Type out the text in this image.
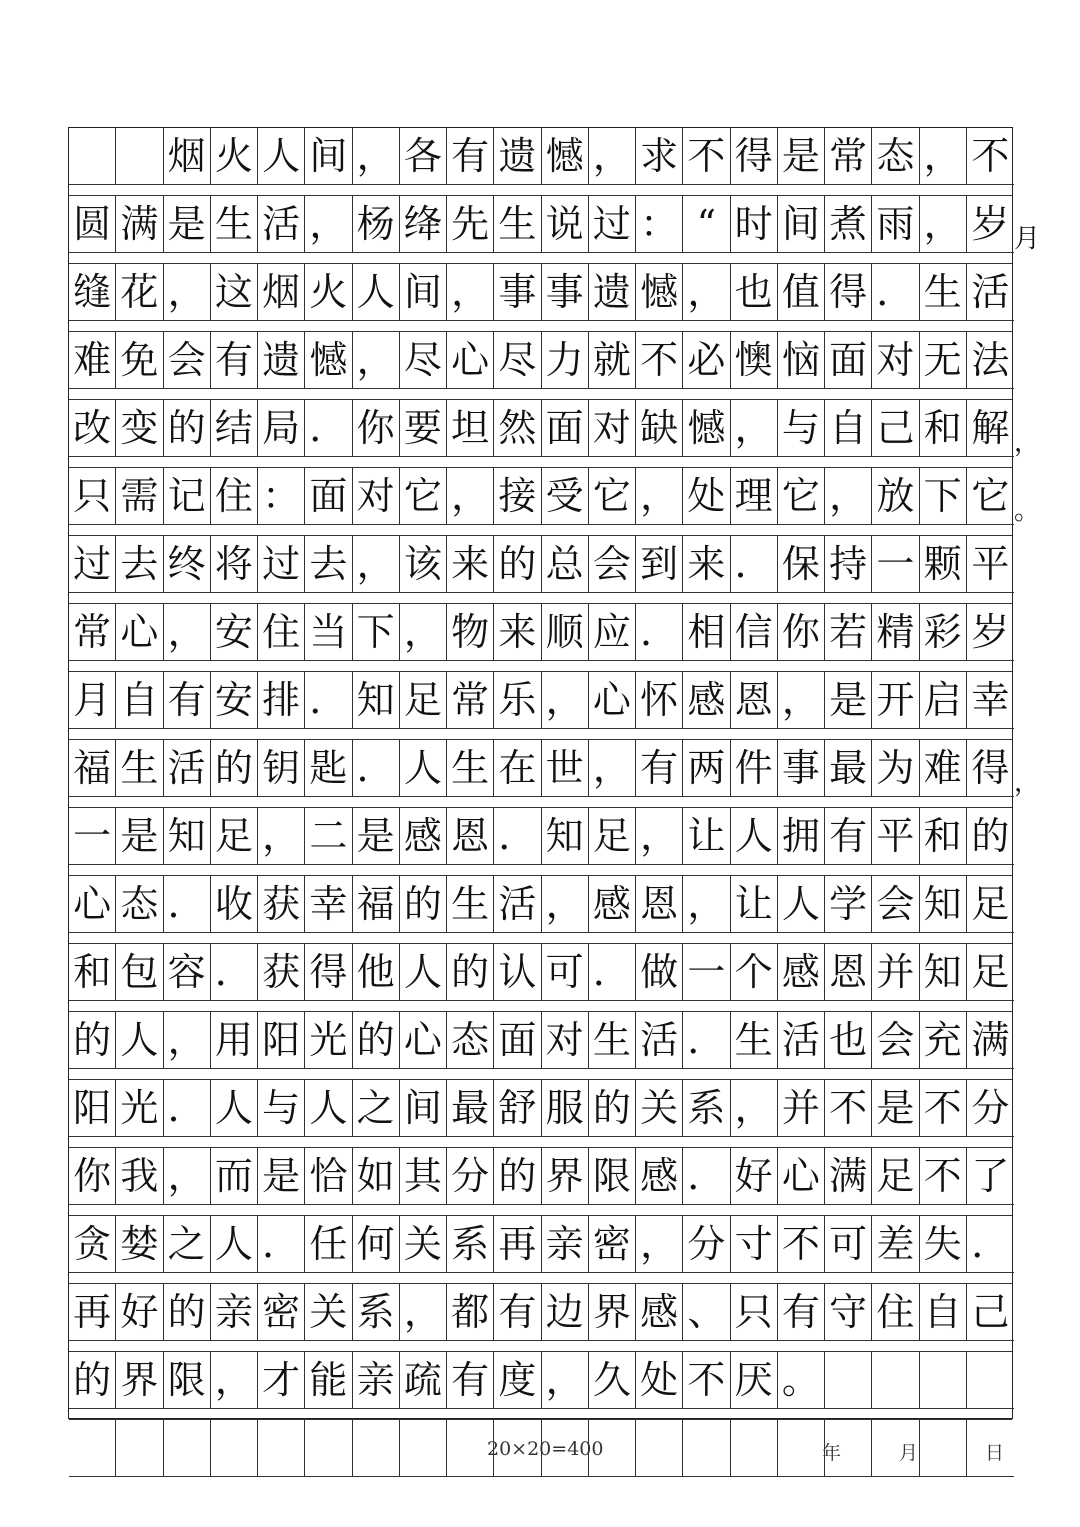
烟 火 人 间 ， 各 有 遗 憾 ， 求 不 得 是 常 态 ， 不
圆 满 是 生 活 ， 杨 绛 先 生 说 过 ： “ 时 间 煮 雨 ， 岁 月
缝 花 ， 这 烟 火 人 间 ， 事 事 遗 憾 ， 也 值 得 ． 生 活
难 免 会 有 遗 憾 ， 尽 心 尽 力 就 不 必 懊 恼 面 对 无 法
改 变 的 结 局 ． 你 要 坦 然 面 对 缺 憾 ， 与 自 己 和 解 ，
只 需 记 住 ： 面 对 它 ， 接 受 它 ， 处 理 它 ， 放 下 它 。
过 去 终 将 过 去 ， 该 来 的 总 会 到 来 ． 保 持 一 颗 平
常 心 ， 安 住 当 下 ， 物 来 顺 应 ． 相 信 你 若 精 彩 岁
月 自 有 安 排 ． 知 足 常 乐 ， 心 怀 感 恩 ， 是 开 启 幸
福 生 活 的 钥 匙 ． 人 生 在 世 ， 有 两 件 事 最 为 难 得 ，
一 是 知 足 ， 二 是 感 恩 ． 知 足 ， 让 人 拥 有 平 和 的
心 态 ． 收 获 幸 福 的 生 活 ， 感 恩 ， 让 人 学 会 知 足
和 包 容 ． 获 得 他 人 的 认 可 ． 做 一 个 感 恩 并 知 足
的 人 ， 用 阳 光 的 心 态 面 对 生 活 ． 生 活 也 会 充 满
阳 光 ． 人 与 人 之 间 最 舒 服 的 关 系 ， 并 不 是 不 分
你 我 ， 而 是 恰 如 其 分 的 界 限 感 ． 好 心 满 足 不 了
贪 婪 之 人 ． 任 何 关 系 再 亲 密 ， 分 寸 不 可 差 失 ．
再 好 的 亲 密 关 系 ， 都 有 边 界 感 、 只 有 守 住 自 己
的 界 限 ， 才 能 亲 疏 有 度 ， 久 处 不 厌 。
20×20=400	年	月	日
